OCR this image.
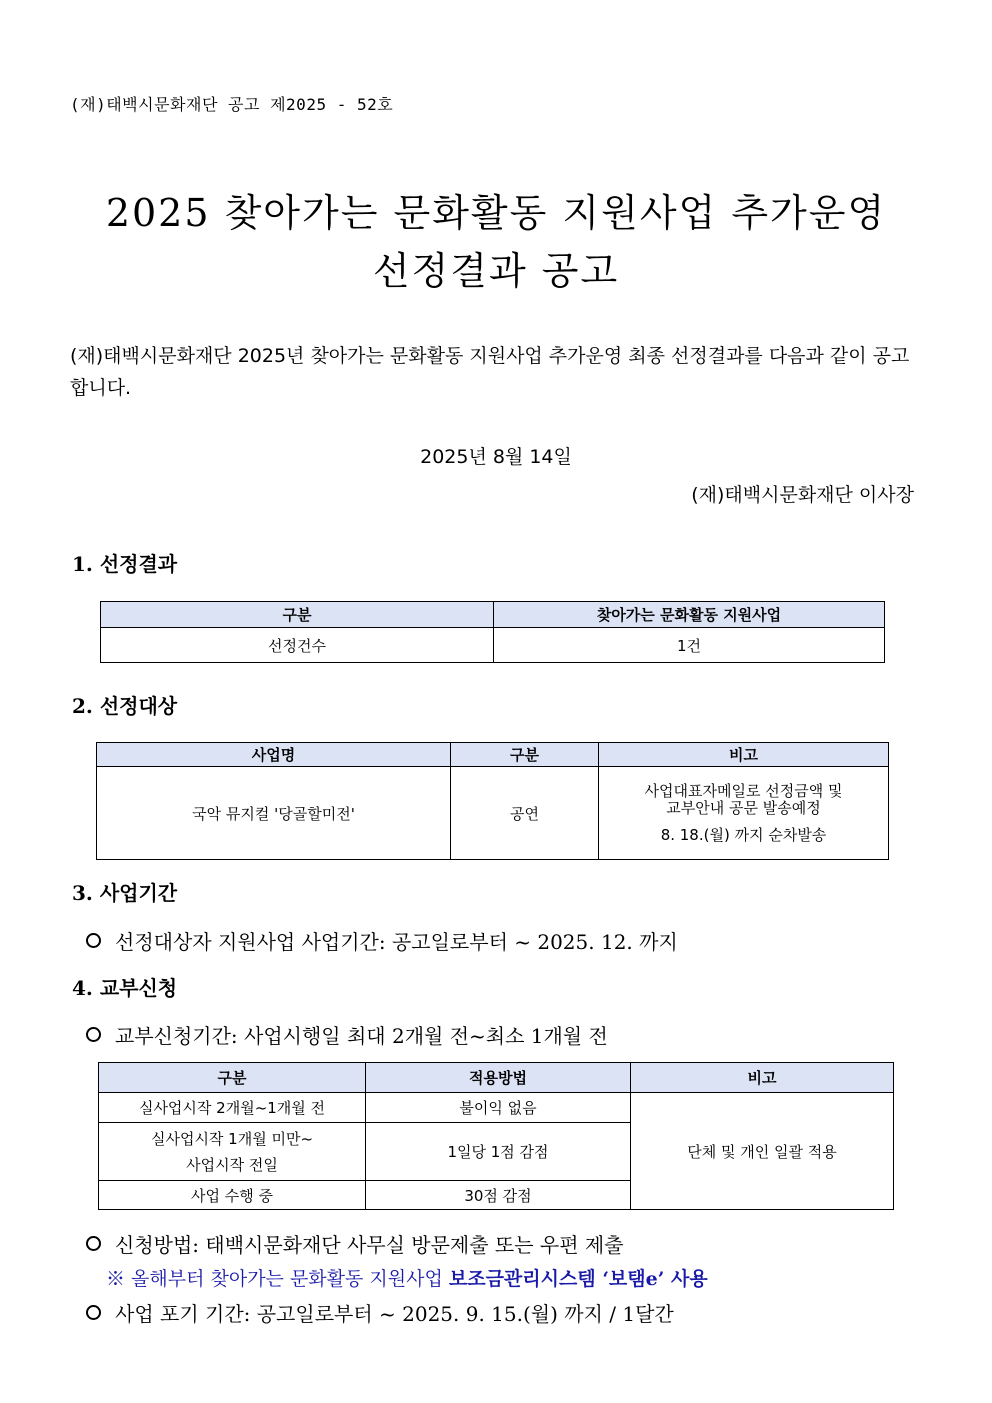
(재)태백시문화재단 공고 제2025 - 52호
2025 찾아가는 문화활동 지원사업 추가운영
선정결과 공고
(재)태백시문화재단 2025년 찾아가는 문화활동 지원사업 추가운영 최종 선정결과를 다음과 같이 공고합니다.
2025년 8월 14일
(재)태백시문화재단 이사장
1. 선정결과
구분	찾아가는 문화활동 지원사업
선정건수	1건
2. 선정대상
사업명	구분	비고
국악 뮤지컬 '당골할미전'	공연	사업대표자메일로 선정금액 및
교부안내 공문 발송예정
8. 18.(월) 까지 순차발송
3. 사업기간
선정대상자 지원사업 사업기간: 공고일로부터 ~ 2025. 12. 까지
4. 교부신청
교부신청기간: 사업시행일 최대 2개월 전~최소 1개월 전
구분	적용방법	비고
실사업시작 2개월~1개월 전	불이익 없음	단체 및 개인 일괄 적용

실사업시작 1개월 미만~
사업시작 전일	1일당 1점 감점	
사업 수행 중	30점 감점	
신청방법: 태백시문화재단 사무실 방문제출 또는 우편 제출
※ 올해부터 찾아가는 문화활동 지원사업 보조금관리시스템 ‘보탬e’ 사용
사업 포기 기간: 공고일로부터 ~ 2025. 9. 15.(월) 까지 / 1달간
